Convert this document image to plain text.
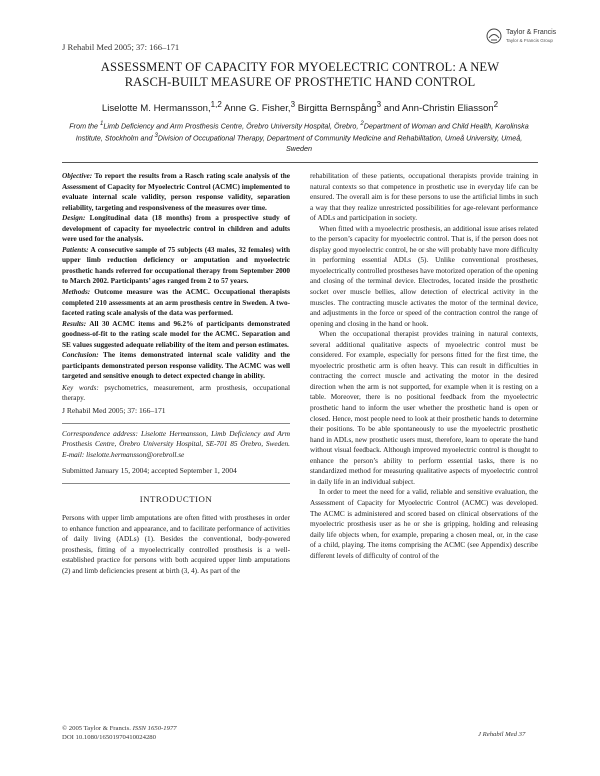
J Rehabil Med 2005; 37: 166–171
Taylor & Francis
Taylor & Francis Group
ASSESSMENT OF CAPACITY FOR MYOELECTRIC CONTROL: A NEW
RASCH-BUILT MEASURE OF PROSTHETIC HAND CONTROL
Liselotte M. Hermansson,$^{1,2}$ Anne G. Fisher,$^3$ Birgitta Bernspång$^3$ and Ann-Christin Eliasson$^2$
From the $^1$Limb Deficiency and Arm Prosthesis Centre, Örebro University Hospital, Örebro, $^2$Department of Woman and Child Health, Karolinska Institute, Stockholm and $^3$Division of Occupational Therapy, Department of Community Medicine and Rehabilitation, Umeå University, Umeå, Sweden

Objective: To report the results from a Rasch rating scale analysis of the Assessment of Capacity for Myoelectric Control (ACMC) implemented to evaluate internal scale validity, person response validity, separation reliability, targeting and responsiveness of the measures over time.

Design: Longitudinal data (18 months) from a prospective study of development of capacity for myoelectric control in children and adults were used for the analysis.

Patients: A consecutive sample of 75 subjects (43 males, 32 females) with upper limb reduction deficiency or amputation and myoelectric prosthetic hands referred for occupational therapy from September 2000 to March 2002. Participants’ ages ranged from 2 to 57 years.

Methods: Outcome measure was the ACMC. Occupational therapists completed 210 assessments at an arm prosthesis centre in Sweden. A two-faceted rating scale analysis of the data was performed.

Results: All 30 ACMC items and 96.2% of participants demonstrated goodness-of-fit to the rating scale model for the ACMC. Separation and SE values suggested adequate reliability of the item and person estimates.

Conclusion: The items demonstrated internal scale validity and the participants demonstrated person response validity. The ACMC was well targeted and sensitive enough to detect expected change in ability.

Key words: psychometrics, measurement, arm prosthesis, occupational therapy.

J Rehabil Med 2005; 37: 166–171

Correspondence address: Liselotte Hermansson, Limb Deficiency and Arm Prosthesis Centre, Örebro University Hospital, SE-701 85 Örebro, Sweden. E-mail: liselotte.hermansson@orebroll.se

Submitted January 15, 2004; accepted September 1, 2004

INTRODUCTION

Persons with upper limb amputations are often fitted with prostheses in order to enhance function and appearance, and to facilitate performance of activities of daily living (ADLs) (1). Besides the conventional, body-powered prosthesis, fitting of a myoelectrically controlled prosthesis is a well-established practice for persons with both acquired upper limb amputations (2) and limb deficiencies present at birth (3, 4). As part of the

rehabilitation of these patients, occupational therapists provide training in natural contexts so that competence in prosthetic use in everyday life can be ensured. The overall aim is for these persons to use the artificial limbs in such a way that they realize unrestricted possibilities for age-relevant performance of ADLs and participation in society.

When fitted with a myoelectric prosthesis, an additional issue arises related to the person’s capacity for myoelectric control. That is, if the person does not display good myoelectric control, he or she will probably have more difficulty in performing essential ADLs (5). Unlike conventional prostheses, myoelectrically controlled prostheses have motorized operation of the opening and closing of the terminal device. Electrodes, located inside the prosthetic socket over muscle bellies, allow detection of electrical activity in the muscles. The contracting muscle activates the motor of the terminal device, and adjustments in the force or speed of the contraction control the range of opening and closing in the hand or hook.

When the occupational therapist provides training in natural contexts, several additional qualitative aspects of myoelectric control must be considered. For example, especially for persons fitted for the first time, the myoelectric prosthetic arm is often heavy. This can result in difficulties in contracting the correct muscle and activating the motor in the desired direction when the arm is not supported, for example when it is resting on a table. Moreover, there is no positional feedback from the myoelectric prosthetic hand to inform the user whether the prosthetic hand is open or closed. Hence, most people need to look at their prosthetic hands to determine their positions. To be able spontaneously to use the myoelectric prosthetic hand in ADLs, new prosthetic users must, therefore, learn to operate the hand without visual feedback. Although improved myoelectric control is thought to enhance the person’s ability to perform essential tasks, there is no standardized method for measuring qualitative aspects of myoelectric control in daily life in an individual subject.

In order to meet the need for a valid, reliable and sensitive evaluation, the Assessment of Capacity for Myoelectric Control (ACMC) was developed. The ACMC is administered and scored based on clinical observations of the myoelectric prosthesis user as he or she is gripping, holding and releasing daily life objects when, for example, preparing a chosen meal, or, in the case of a child, playing. The items comprising the ACMC (see Appendix) describe different levels of difficulty of control of the

© 2005 Taylor & Francis. ISSN 1650-1977
DOI 10.1080/16501970410024280	J Rehabil Med 37
